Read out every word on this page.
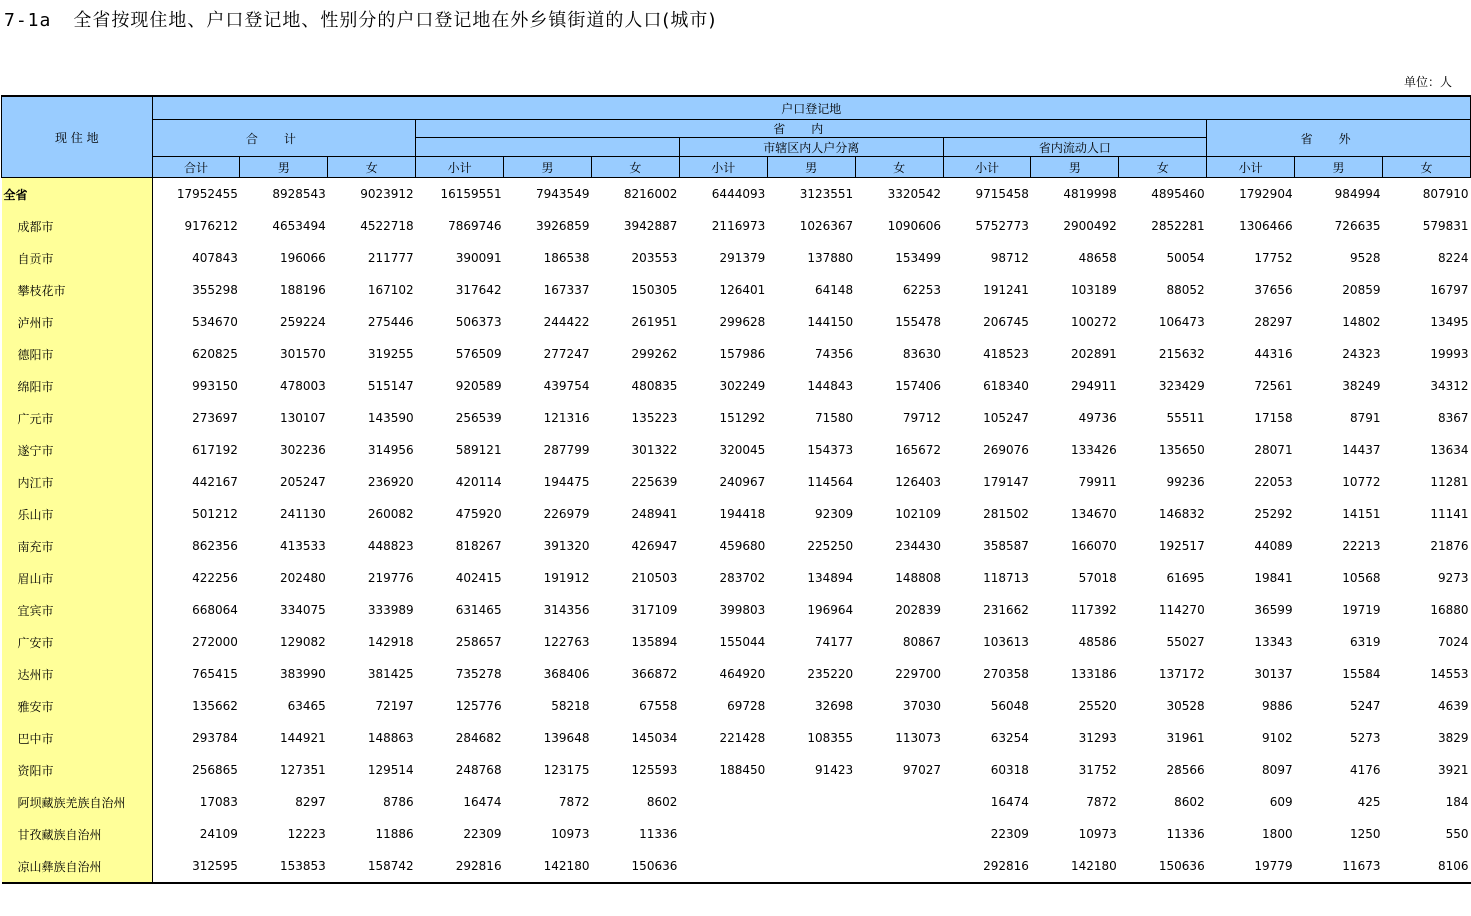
7-1a 全省按现住地、户口登记地、性别分的户口登记地在外乡镇街道的人口(城市)
单位：人
现 住 地	户口登记地														
	合计			省内									省外		
							市辖区内人户分离			省内流动人口					
	合计	男	女	小计	男	女	小计	男	女	小计	男	女	小计	男	女
全省	17952455	8928543	9023912	16159551	7943549	8216002	6444093	3123551	3320542	9715458	4819998	4895460	1792904	984994	807910
成都市	9176212	4653494	4522718	7869746	3926859	3942887	2116973	1026367	1090606	5752773	2900492	2852281	1306466	726635	579831
自贡市	407843	196066	211777	390091	186538	203553	291379	137880	153499	98712	48658	50054	17752	9528	8224
攀枝花市	355298	188196	167102	317642	167337	150305	126401	64148	62253	191241	103189	88052	37656	20859	16797
泸州市	534670	259224	275446	506373	244422	261951	299628	144150	155478	206745	100272	106473	28297	14802	13495
德阳市	620825	301570	319255	576509	277247	299262	157986	74356	83630	418523	202891	215632	44316	24323	19993
绵阳市	993150	478003	515147	920589	439754	480835	302249	144843	157406	618340	294911	323429	72561	38249	34312
广元市	273697	130107	143590	256539	121316	135223	151292	71580	79712	105247	49736	55511	17158	8791	8367
遂宁市	617192	302236	314956	589121	287799	301322	320045	154373	165672	269076	133426	135650	28071	14437	13634
内江市	442167	205247	236920	420114	194475	225639	240967	114564	126403	179147	79911	99236	22053	10772	11281
乐山市	501212	241130	260082	475920	226979	248941	194418	92309	102109	281502	134670	146832	25292	14151	11141
南充市	862356	413533	448823	818267	391320	426947	459680	225250	234430	358587	166070	192517	44089	22213	21876
眉山市	422256	202480	219776	402415	191912	210503	283702	134894	148808	118713	57018	61695	19841	10568	9273
宜宾市	668064	334075	333989	631465	314356	317109	399803	196964	202839	231662	117392	114270	36599	19719	16880
广安市	272000	129082	142918	258657	122763	135894	155044	74177	80867	103613	48586	55027	13343	6319	7024
达州市	765415	383990	381425	735278	368406	366872	464920	235220	229700	270358	133186	137172	30137	15584	14553
雅安市	135662	63465	72197	125776	58218	67558	69728	32698	37030	56048	25520	30528	9886	5247	4639
巴中市	293784	144921	148863	284682	139648	145034	221428	108355	113073	63254	31293	31961	9102	5273	3829
资阳市	256865	127351	129514	248768	123175	125593	188450	91423	97027	60318	31752	28566	8097	4176	3921
阿坝藏族羌族自治州	17083	8297	8786	16474	7872	8602				16474	7872	8602	609	425	184
甘孜藏族自治州	24109	12223	11886	22309	10973	11336				22309	10973	11336	1800	1250	550
凉山彝族自治州	312595	153853	158742	292816	142180	150636				292816	142180	150636	19779	11673	8106
